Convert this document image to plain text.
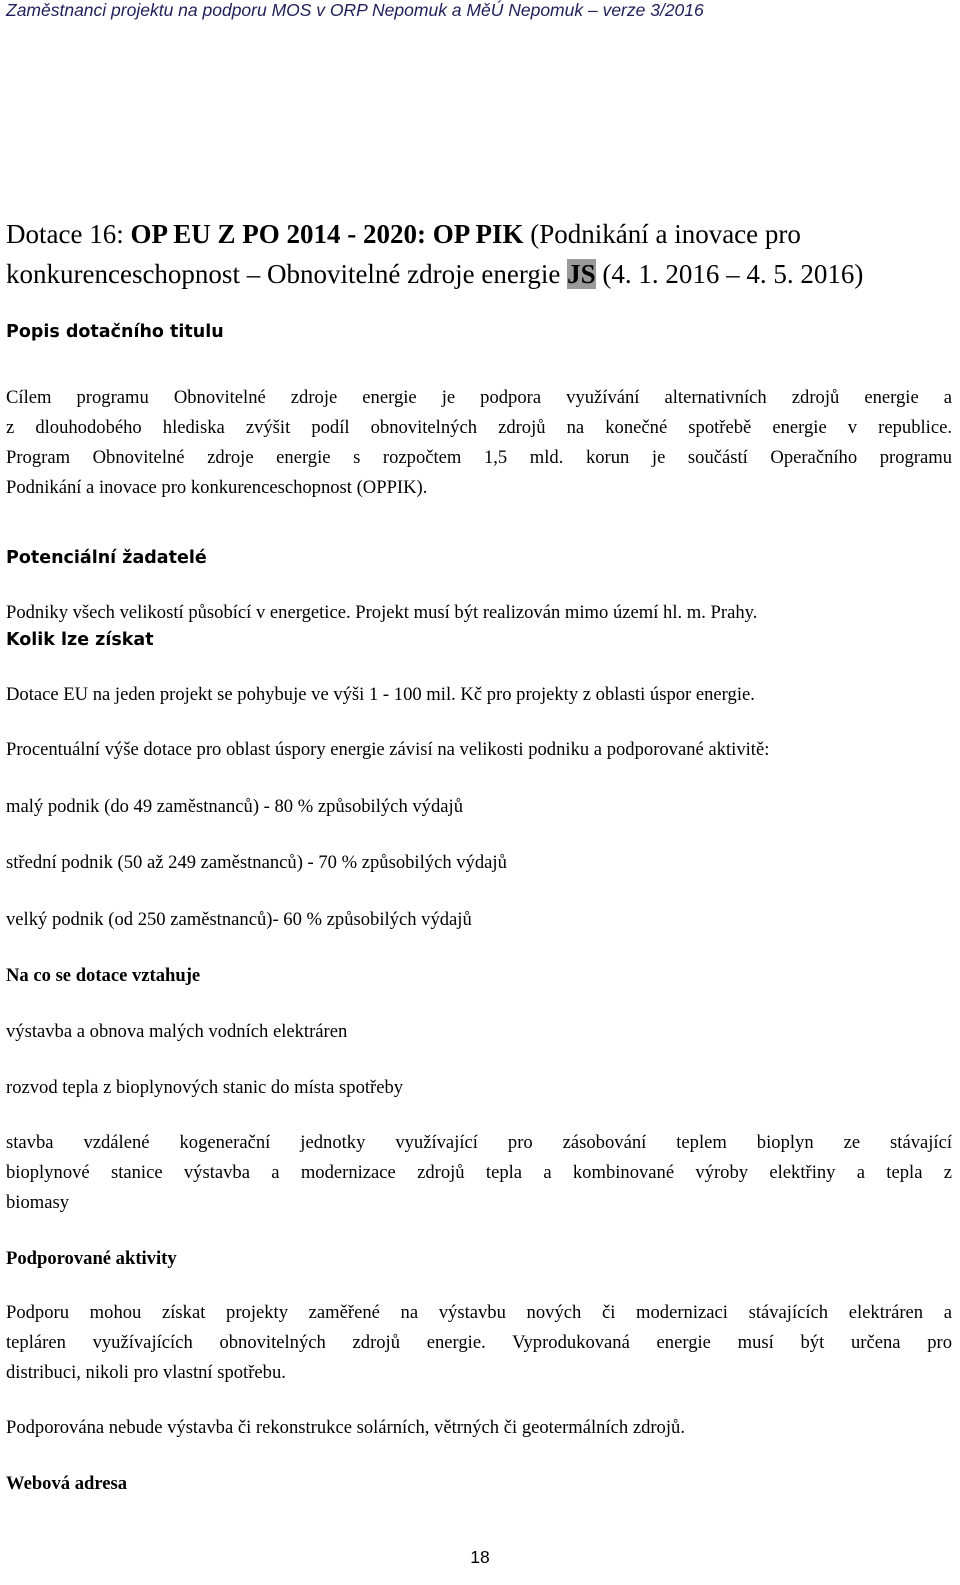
Zaměstnanci projektu na podporu MOS v ORP Nepomuk a MěÚ Nepomuk – verze 3/2016
Dotace 16: OP EU Z PO 2014 - 2020: OP PIK (Podnikání a inovace pro
konkurenceschopnost – Obnovitelné zdroje energie JS (4. 1. 2016 – 4. 5. 2016)
Popis dotačního titulu
Cílem programu Obnovitelné zdroje energie je podpora využívání alternativních zdrojů energie a
z dlouhodobého hlediska zvýšit podíl obnovitelných zdrojů na konečné spotřebě energie v republice.
Program Obnovitelné zdroje energie s rozpočtem 1,5 mld. korun je součástí Operačního programu
Podnikání a inovace pro konkurenceschopnost (OPPIK).
Potenciální žadatelé
Podniky všech velikostí působící v energetice. Projekt musí být realizován mimo území hl. m. Prahy.
Kolik lze získat
Dotace EU na jeden projekt se pohybuje ve výši 1 - 100 mil. Kč pro projekty z oblasti úspor energie.
Procentuální výše dotace pro oblast úspory energie závisí na velikosti podniku a podporované aktivitě:
malý podnik (do 49 zaměstnanců) - 80 % způsobilých výdajů
střední podnik (50 až 249 zaměstnanců) - 70 % způsobilých výdajů
velký podnik (od 250 zaměstnanců)- 60 % způsobilých výdajů
Na co se dotace vztahuje
výstavba a obnova malých vodních elektráren
rozvod tepla z bioplynových stanic do místa spotřeby
stavba vzdálené kogenerační jednotky využívající pro zásobování teplem bioplyn ze stávající
bioplynové stanice výstavba a modernizace zdrojů tepla a kombinované výroby elektřiny a tepla z
biomasy
Podporované aktivity
Podporu mohou získat projekty zaměřené na výstavbu nových či modernizaci stávajících elektráren a
tepláren využívajících obnovitelných zdrojů energie. Vyprodukovaná energie musí být určena pro
distribuci, nikoli pro vlastní spotřebu.
Podporována nebude výstavba či rekonstrukce solárních, větrných či geotermálních zdrojů.
Webová adresa
18
